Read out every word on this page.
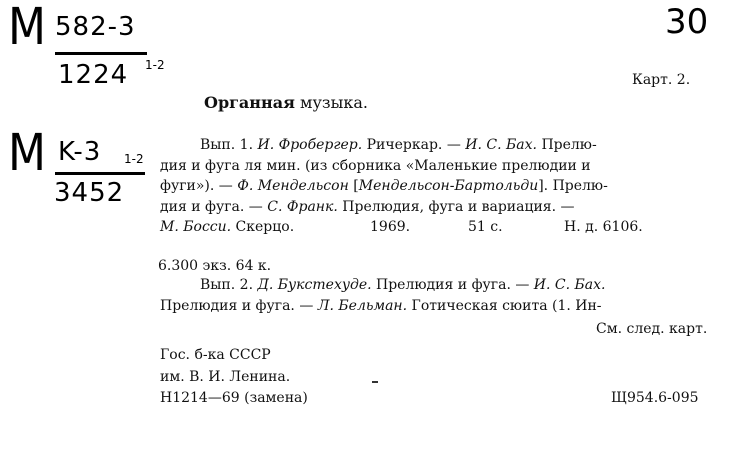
M 582-3
1224 1-2
M K-3
3452
1-2
30
Карт. 2.
Органная музыка.
Вып. 1. И. Фробергер. Ричеркар. — И. С. Бах. Прелю-
дия и фуга ля мин. (из сборника «Маленькие прелюдии и
фуги»). — Ф. Мендельсон [Мендельсон-Бартольди]. Прелю-
дия и фуга. — С. Франк. Прелюдия, фуга и вариация. —
М. Босси. Скерцо.	1969.	51 с.	Н. д. 6106.
6.300 экз. 64 к.
Вып. 2. Д. Букстехуде. Прелюдия и фуга. — И. С. Бах.
Прелюдия и фуга. — Л. Бельман. Готическая сюита (1. Ин-
См. след. карт.
Гос. б-ка СССР
им. В. И. Ленина.
Н1214—69 (замена)	Щ954.6-095
